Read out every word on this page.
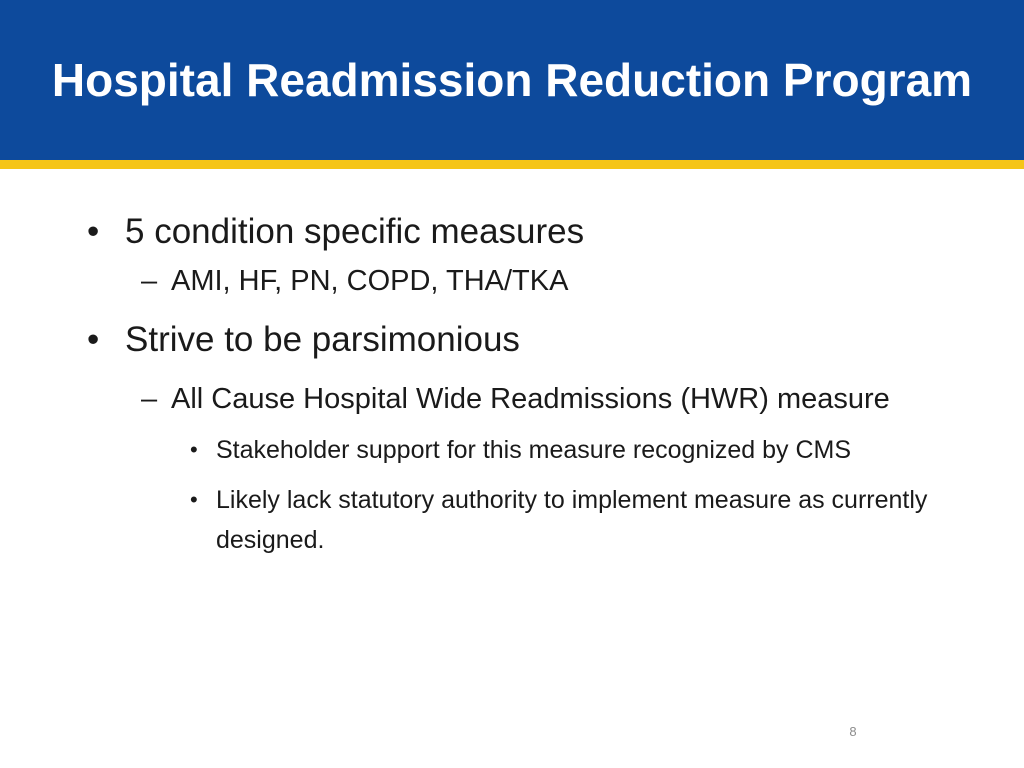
Hospital Readmission Reduction Program
• 5 condition specific measures
– AMI, HF, PN, COPD, THA/TKA
• Strive to be parsimonious
– All Cause Hospital Wide Readmissions (HWR) measure
• Stakeholder support for this measure recognized by CMS
• Likely lack statutory authority to implement measure as currently designed.
8
